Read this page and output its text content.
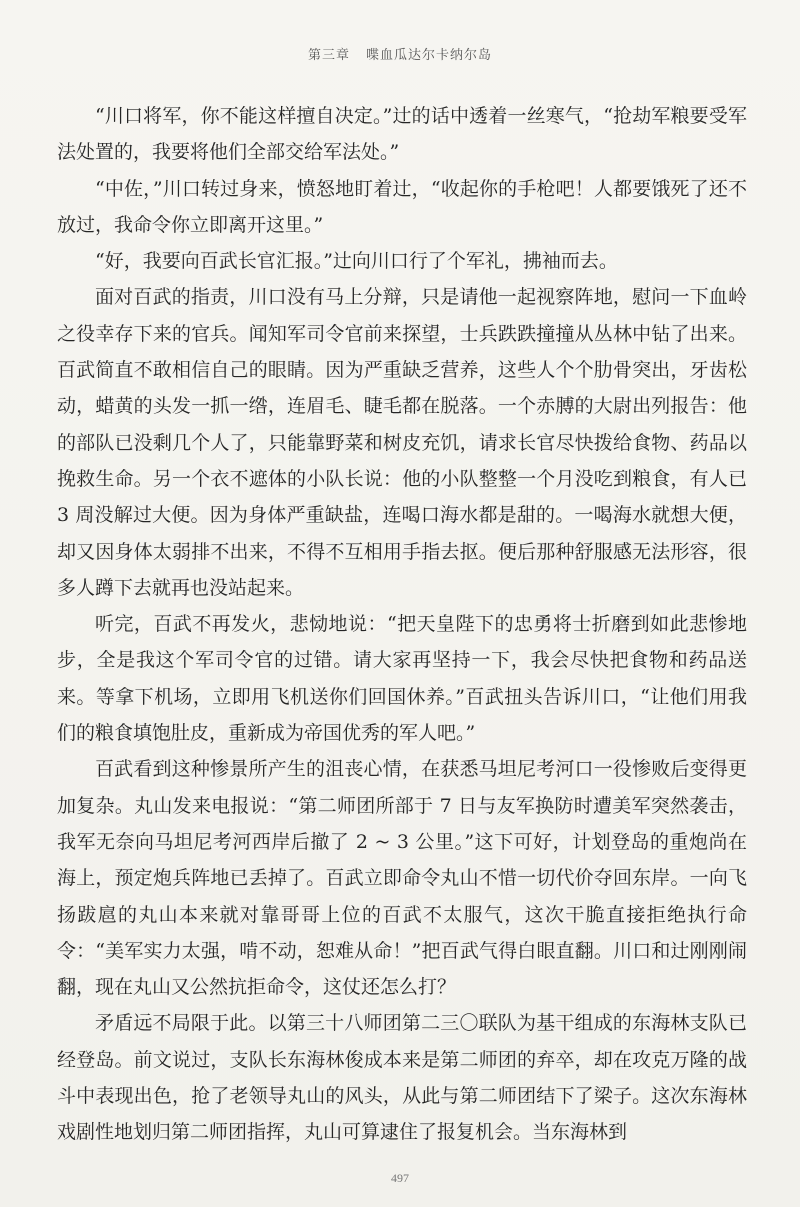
第三章 喋血瓜达尔卡纳尔岛

“川口将军，你不能这样擅自决定。”辻的话中透着一丝寒气，“抢劫军粮要受军法处置的，我要将他们全部交给军法处。”

“中佐，”川口转过身来，愤怒地盯着辻，“收起你的手枪吧！人都要饿死了还不放过，我命令你立即离开这里。”

“好，我要向百武长官汇报。”辻向川口行了个军礼，拂袖而去。

面对百武的指责，川口没有马上分辩，只是请他一起视察阵地，慰问一下血岭之役幸存下来的官兵。闻知军司令官前来探望，士兵跌跌撞撞从丛林中钻了出来。百武简直不敢相信自己的眼睛。因为严重缺乏营养，这些人个个肋骨突出，牙齿松动，蜡黄的头发一抓一绺，连眉毛、睫毛都在脱落。一个赤膊的大尉出列报告：他的部队已没剩几个人了，只能靠野菜和树皮充饥，请求长官尽快拨给食物、药品以挽救生命。另一个衣不遮体的小队长说：他的小队整整一个月没吃到粮食，有人已 3 周没解过大便。因为身体严重缺盐，连喝口海水都是甜的。一喝海水就想大便，却又因身体太弱排不出来，不得不互相用手指去抠。便后那种舒服感无法形容，很多人蹲下去就再也没站起来。

听完，百武不再发火，悲恸地说：“把天皇陛下的忠勇将士折磨到如此悲惨地步，全是我这个军司令官的过错。请大家再坚持一下，我会尽快把食物和药品送来。等拿下机场，立即用飞机送你们回国休养。”百武扭头告诉川口，“让他们用我们的粮食填饱肚皮，重新成为帝国优秀的军人吧。”

百武看到这种惨景所产生的沮丧心情，在获悉马坦尼考河口一役惨败后变得更加复杂。丸山发来电报说：“第二师团所部于 7 日与友军换防时遭美军突然袭击，我军无奈向马坦尼考河西岸后撤了 2 ~ 3 公里。”这下可好，计划登岛的重炮尚在海上，预定炮兵阵地已丢掉了。百武立即命令丸山不惜一切代价夺回东岸。一向飞扬跋扈的丸山本来就对靠哥哥上位的百武不太服气，这次干脆直接拒绝执行命令：“美军实力太强，啃不动，恕难从命！”把百武气得白眼直翻。川口和辻刚刚闹翻，现在丸山又公然抗拒命令，这仗还怎么打？

矛盾远不局限于此。以第三十八师团第二三〇联队为基干组成的东海林支队已经登岛。前文说过，支队长东海林俊成本来是第二师团的弃卒，却在攻克万隆的战斗中表现出色，抢了老领导丸山的风头，从此与第二师团结下了梁子。这次东海林戏剧性地划归第二师团指挥，丸山可算逮住了报复机会。当东海林到

497
